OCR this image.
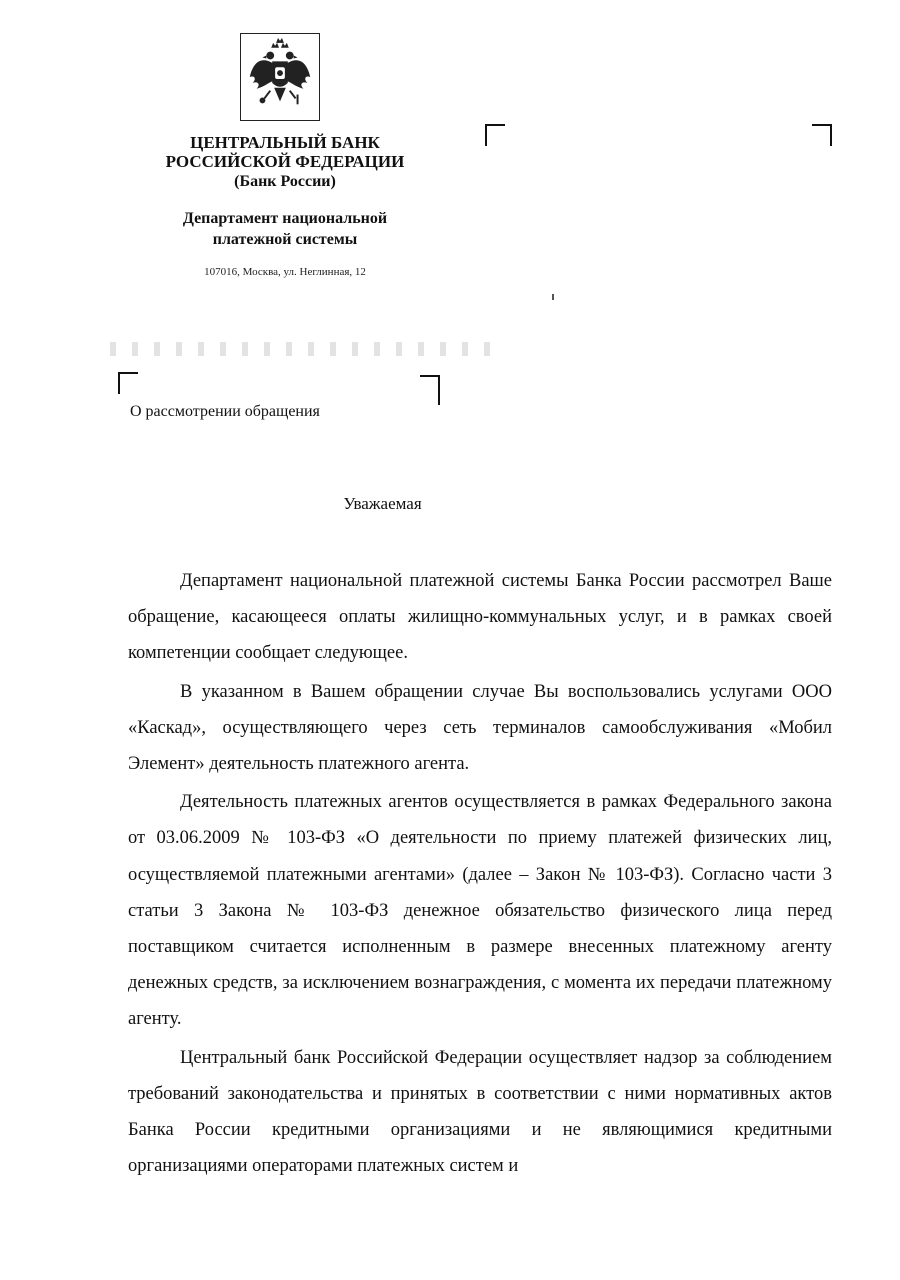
ЦЕНТРАЛЬНЫЙ БАНК
РОССИЙСКОЙ ФЕДЕРАЦИИ
(Банк России)
Департамент национальной
платежной системы
107016, Москва, ул. Неглинная, 12
О рассмотрении обращения
Уважаемая

Департамент национальной платежной системы Банка России рассмотрел Ваше обращение, касающееся оплаты жилищно-коммунальных услуг, и в рамках своей компетенции сообщает следующее.

В указанном в Вашем обращении случае Вы воспользовались услугами ООО «Каскад», осуществляющего через сеть терминалов самообслуживания «Мобил Элемент» деятельность платежного агента.

Деятельность платежных агентов осуществляется в рамках Федерального закона от 03.06.2009 № 103-ФЗ «О деятельности по приему платежей физических лиц, осуществляемой платежными агентами» (далее – Закон № 103-ФЗ). Согласно части 3 статьи 3 Закона № 103-ФЗ денежное обязательство физического лица перед поставщиком считается исполненным в размере внесенных платежному агенту денежных средств, за исключением вознаграждения, с момента их передачи платежному агенту.

Центральный банк Российской Федерации осуществляет надзор за соблюдением требований законодательства и принятых в соответствии с ними нормативных актов Банка России кредитными организациями и не являющимися кредитными организациями операторами платежных систем и
